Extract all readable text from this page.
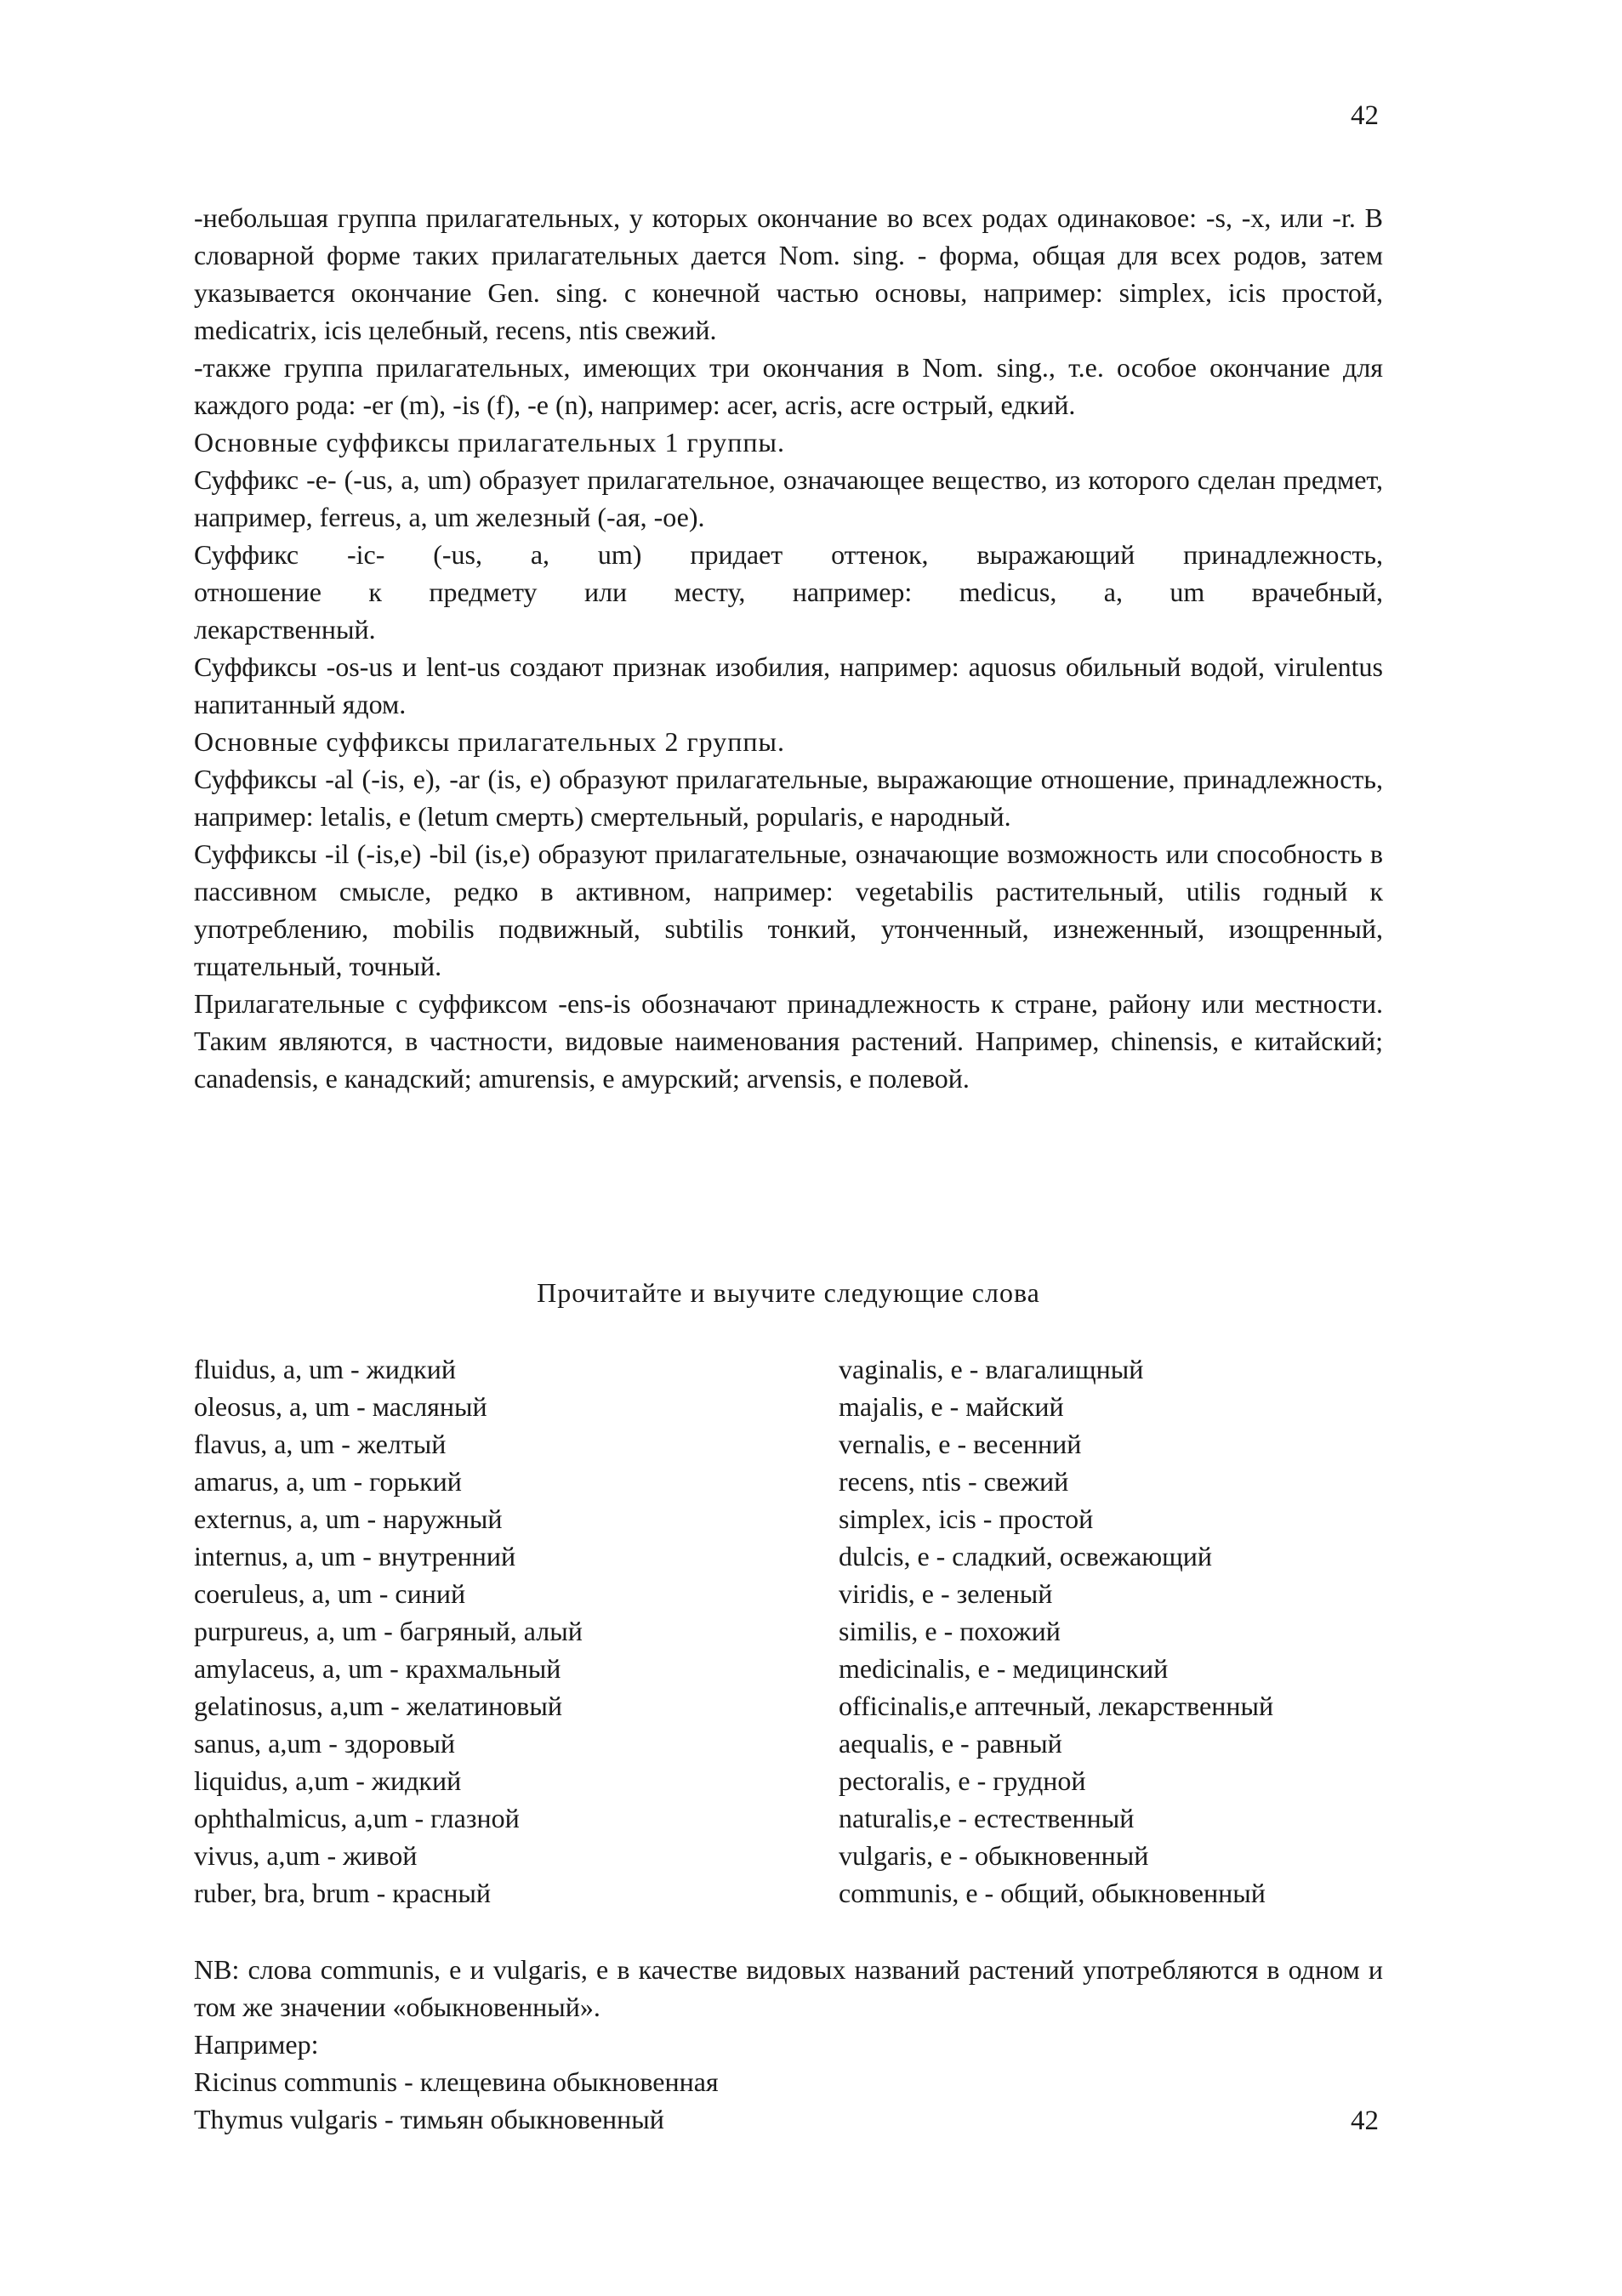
42

-небольшая группа прилагательных, у которых окончание во всех родах одинаковое: -s, -x, или -r. В словарной форме таких прилагательных дается Nom. sing. - форма, общая для всех родов, затем указывается окончание Gen. sing. с конечной частью основы, например: simplex, icis простой, medicatrix, icis целебный, recens, ntis свежий.

-также группа прилагательных, имеющих три окончания в Nom. sing., т.е. особое окончание для каждого рода: -er (m), -is (f), -e (n), например: acer, acris, acre острый, едкий.

Основные суффиксы прилагательных 1 группы.

Суффикс -e- (-us, a, um) образует прилагательное, означающее вещество, из которого сделан предмет, например, ferreus, a, um железный (-ая, -ое).

Суффикс -ic- (-us, a, um) придает оттенок, выражающий принадлежность,

отношение к предмету или месту, например: medicus, a, um врачебный,

лекарственный.

Суффиксы -os-us и lent-us создают признак изобилия, например: aquosus обильный водой, virulentus напитанный ядом.

Основные суффиксы прилагательных 2 группы.

Суффиксы -al (-is, e), -ar (is, e) образуют прилагательные, выражающие отношение, принадлежность, например: letalis, e (letum смерть) смертельный, popularis, e народный.

Суффиксы -il (-is,e) -bil (is,e) образуют прилагательные, означающие возможность или способность в пассивном смысле, редко в активном, например: vegetabilis растительный, utilis годный к употреблению, mobilis подвижный, subtilis тонкий, утонченный, изнеженный, изощренный, тщательный, точный.

Прилагательные с суффиксом -ens-is обозначают принадлежность к стране, району или местности. Таким являются, в частности, видовые наименования растений. Например, chinensis, e китайский; canadensis, e канадский; amurensis, e амурский; arvensis, e полевой.

Прочитайте и выучите следующие слова
fluidus, a, um - жидкий
oleosus, a, um - масляный
flavus, a, um - желтый
amarus, a, um - горький
externus, a, um - наружный
internus, a, um - внутренний
coeruleus, a, um - синий
purpureus, a, um - багряный, алый
amylaceus, a, um - крахмальный
gelatinosus, a,um - желатиновый
sanus, a,um - здоровый
liquidus, a,um - жидкий
ophthalmicus, a,um - глазной
vivus, a,um - живой
ruber, bra, brum - красный
vaginalis, e - влагалищный
majalis, e - майский
vernalis, e - весенний
recens, ntis - свежий
simplex, icis - простой
dulcis, e - сладкий, освежающий
viridis, e - зеленый
similis, e - похожий
medicinalis, e - медицинский
officinalis,e аптечный, лекарственный
aequalis, e - равный
pectoralis, e - грудной
naturalis,e - естественный
vulgaris, e - обыкновенный
communis, e - общий, обыкновенный

NB: слова communis, e и vulgaris, e в качестве видовых названий растений употребляются в одном и том же значении «обыкновенный».

Например:

Ricinus communis - клещевина обыкновенная

Thymus vulgaris - тимьян обыкновенный	42
